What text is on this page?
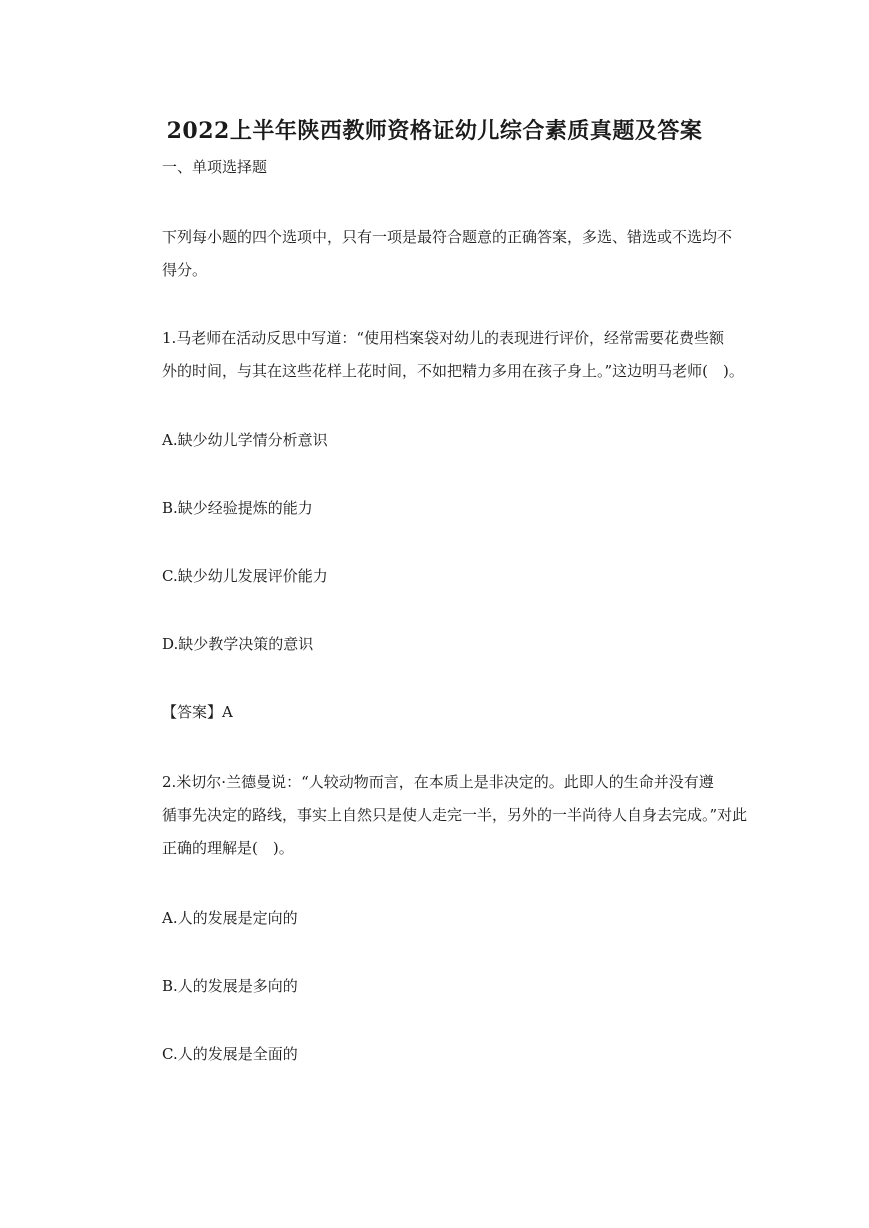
2022上半年陕西教师资格证幼儿综合素质真题及答案
一、单项选择题
下列每小题的四个选项中，只有一项是最符合题意的正确答案，多选、错选或不选均不
得分。
1.马老师在活动反思中写道：“使用档案袋对幼儿的表现进行评价，经常需要花费些额
外的时间，与其在这些花样上花时间，不如把精力多用在孩子身上。”这边明马老师(　)。
A.缺少幼儿学情分析意识
B.缺少经验提炼的能力
C.缺少幼儿发展评价能力
D.缺少教学决策的意识
【答案】A
2.米切尔·兰德曼说：“人较动物而言，在本质上是非决定的。此即人的生命并没有遵
循事先决定的路线，事实上自然只是使人走完一半，另外的一半尚待人自身去完成。”对此
正确的理解是(　)。
A.人的发展是定向的
B.人的发展是多向的
C.人的发展是全面的
